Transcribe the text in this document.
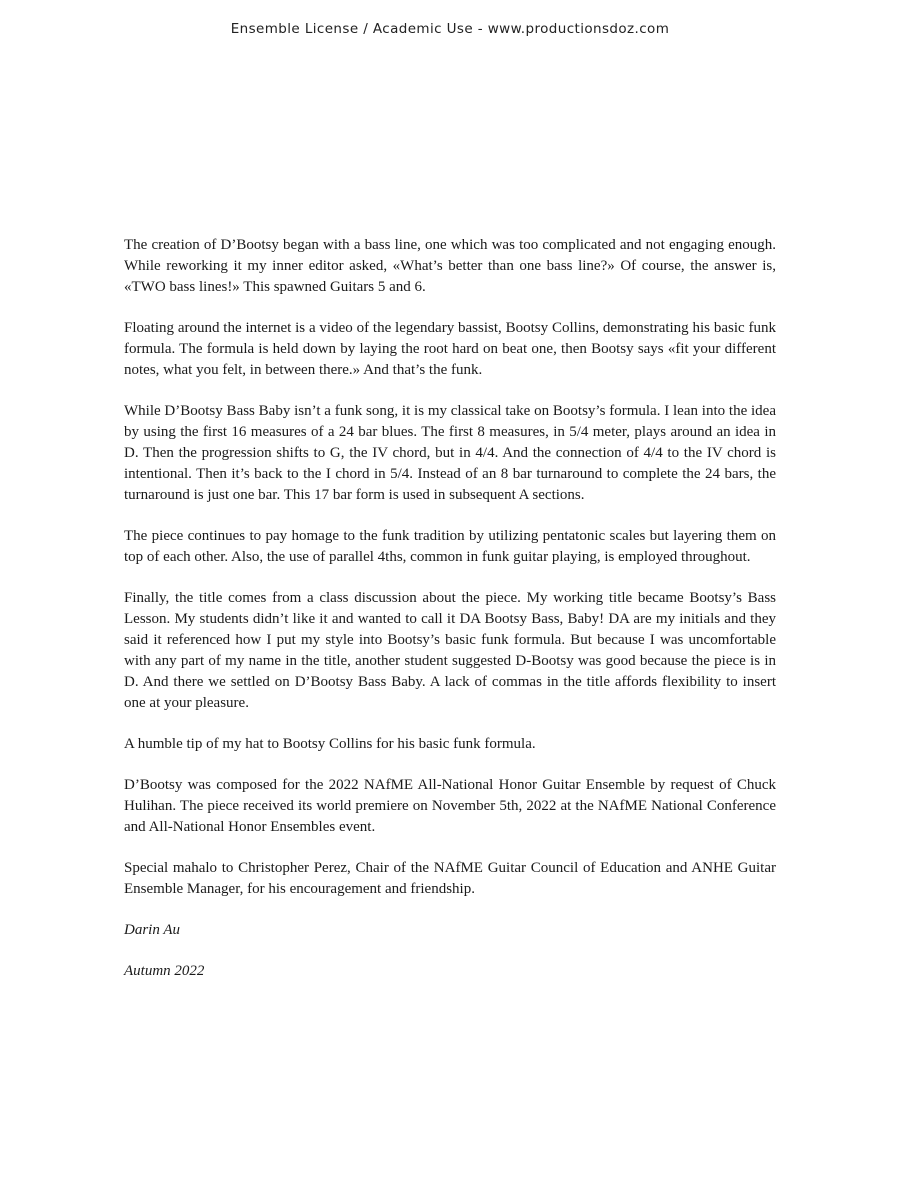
Ensemble License / Academic Use - www.productionsdoz.com

The creation of D’Bootsy began with a bass line, one which was too complicated and not engaging enough. While reworking it my inner editor asked, «What’s better than one bass line?» Of course, the answer is, «TWO bass lines!» This spawned Guitars 5 and 6.

Floating around the internet is a video of the legendary bassist, Bootsy Collins, demonstrating his basic funk formula. The formula is held down by laying the root hard on beat one, then Bootsy says «fit your different notes, what you felt, in between there.» And that’s the funk.

While D’Bootsy Bass Baby isn’t a funk song, it is my classical take on Bootsy’s formula. I lean into the idea by using the first 16 measures of a 24 bar blues. The first 8 measures, in 5/4 meter, plays around an idea in D. Then the progression shifts to G, the IV chord, but in 4/4. And the connection of 4/4 to the IV chord is intentional. Then it’s back to the I chord in 5/4. Instead of an 8 bar turnaround to complete the 24 bars, the turnaround is just one bar. This 17 bar form is used in subsequent A sections.

The piece continues to pay homage to the funk tradition by utilizing pentatonic scales but layering them on top of each other. Also, the use of parallel 4ths, common in funk guitar playing, is employed throughout.

Finally, the title comes from a class discussion about the piece. My working title became Bootsy’s Bass Lesson. My students didn’t like it and wanted to call it DA Bootsy Bass, Baby! DA are my initials and they said it referenced how I put my style into Bootsy’s basic funk formula. But because I was uncomfortable with any part of my name in the title, another student suggested D-Bootsy was good because the piece is in D. And there we settled on D’Bootsy Bass Baby. A lack of commas in the title affords flexibility to insert one at your pleasure.

A humble tip of my hat to Bootsy Collins for his basic funk formula.

D’Bootsy was composed for the 2022 NAfME All-National Honor Guitar Ensemble by request of Chuck Hulihan. The piece received its world premiere on November 5th, 2022 at the NAfME National Conference and All-National Honor Ensembles event.

Special mahalo to Christopher Perez, Chair of the NAfME Guitar Council of Education and ANHE Guitar Ensemble Manager, for his encouragement and friendship.

Darin Au

Autumn 2022
